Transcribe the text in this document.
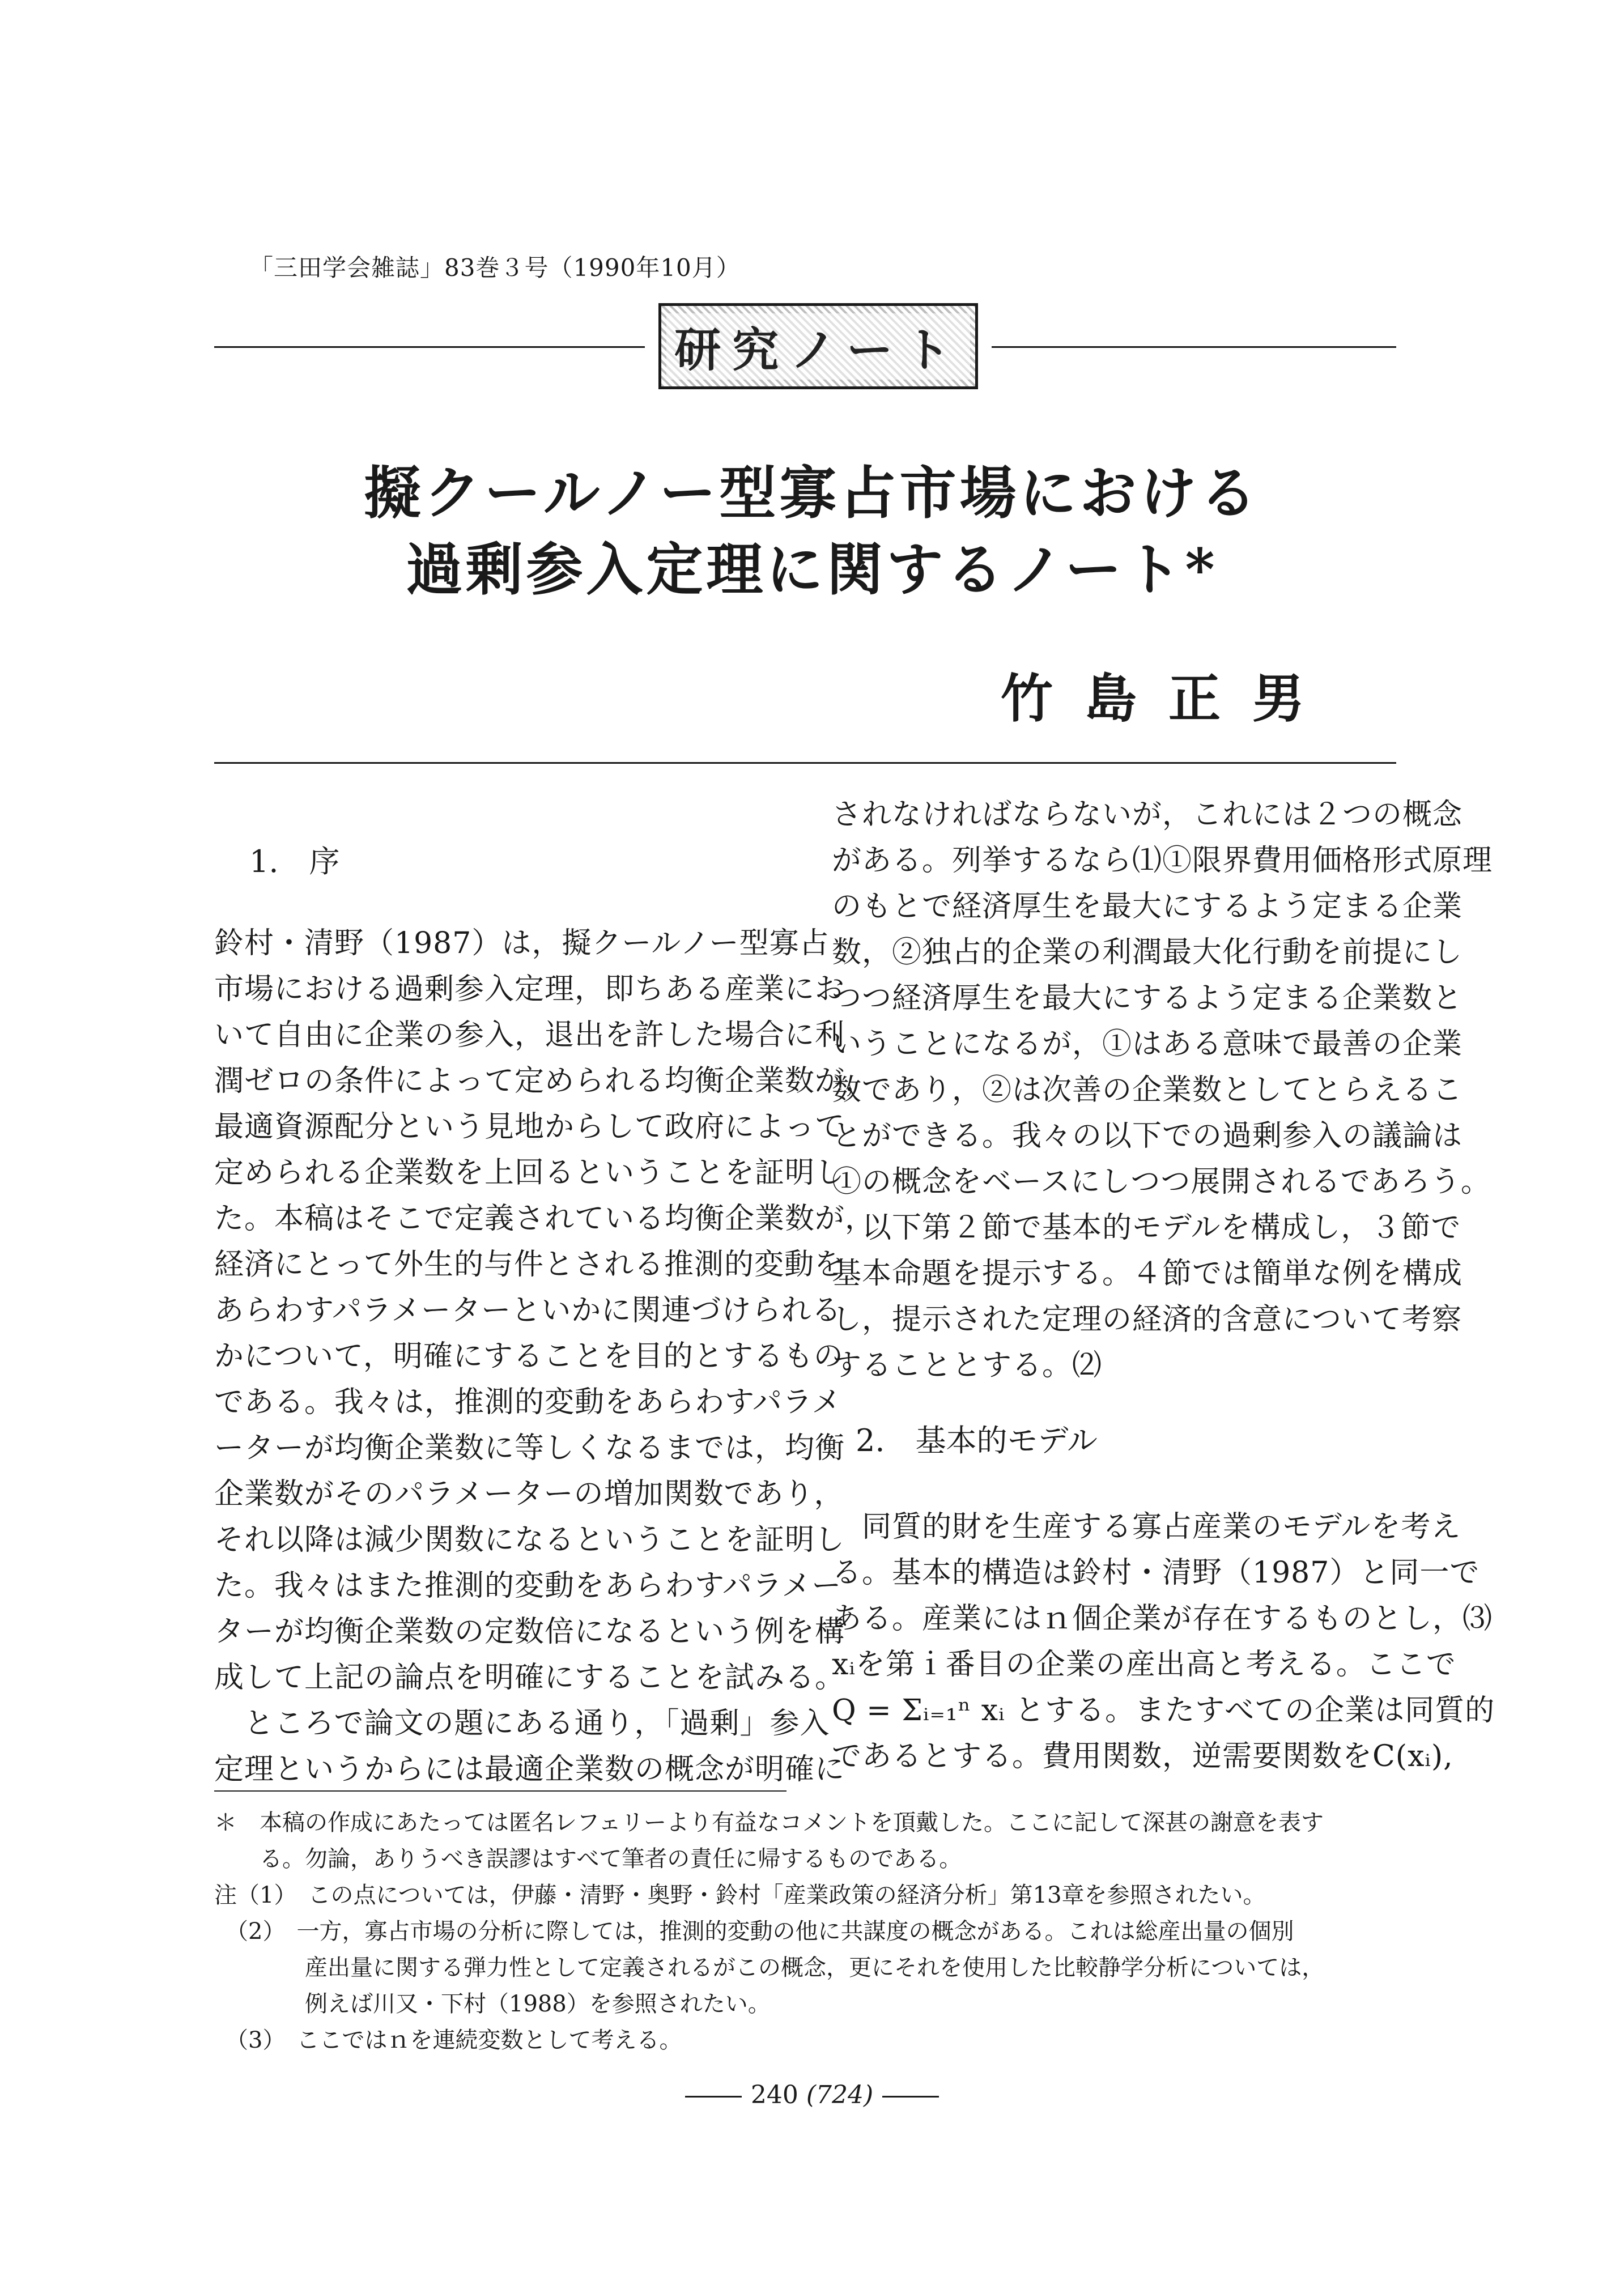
「三田学会雑誌」83巻３号（1990年10月）
研究ノート
擬クールノー型寡占市場における
過剰参入定理に関するノート*
竹島正男
1.　序

鈴村・清野（1987）は，擬クールノー型寡占

市場における過剰参入定理，即ちある産業にお

いて自由に企業の参入，退出を許した場合に利

潤ゼロの条件によって定められる均衡企業数が，

最適資源配分という見地からして政府によって

定められる企業数を上回るということを証明し

た。本稿はそこで定義されている均衡企業数が，

経済にとって外生的与件とされる推測的変動を

あらわすパラメーターといかに関連づけられる

かについて，明確にすることを目的とするもの

である。我々は，推測的変動をあらわすパラメ

ーターが均衡企業数に等しくなるまでは，均衡

企業数がそのパラメーターの増加関数であり，

それ以降は減少関数になるということを証明し

た。我々はまた推測的変動をあらわすパラメー

ターが均衡企業数の定数倍になるという例を構

成して上記の論点を明確にすることを試みる。

　ところで論文の題にある通り，「過剰」参入

定理というからには最適企業数の概念が明確に

されなければならないが，これには２つの概念

がある。列挙するなら⑴①限界費用価格形式原理

のもとで経済厚生を最大にするよう定まる企業

数，②独占的企業の利潤最大化行動を前提にし

つつ経済厚生を最大にするよう定まる企業数と

いうことになるが，①はある意味で最善の企業

数であり，②は次善の企業数としてとらえるこ

とができる。我々の以下での過剰参入の議論は

①の概念をベースにしつつ展開されるであろう。

　以下第２節で基本的モデルを構成し，３節で

基本命題を提示する。４節では簡単な例を構成

し，提示された定理の経済的含意について考察

することとする。⑵

2.　基本的モデル

　同質的財を生産する寡占産業のモデルを考え

る。基本的構造は鈴村・清野（1987）と同一で

ある。産業にはｎ個企業が存在するものとし，⑶

xᵢを第ｉ番目の企業の産出高と考える。ここで

Q = Σᵢ₌₁ⁿ xᵢ とする。またすべての企業は同質的

であるとする。費用関数，逆需要関数をC(xᵢ),

＊　本稿の作成にあたっては匿名レフェリーより有益なコメントを頂戴した。ここに記して深甚の謝意を表す

　　る。勿論，ありうべき誤謬はすべて筆者の責任に帰するものである。

注（1）　この点については，伊藤・清野・奥野・鈴村「産業政策の経済分析」第13章を参照されたい。

　（2）　一方，寡占市場の分析に際しては，推測的変動の他に共謀度の概念がある。これは総産出量の個別

　　　　産出量に関する弾力性として定義されるがこの概念，更にそれを使用した比較静学分析については，

　　　　例えば川又・下村（1988）を参照されたい。

　（3）　ここではｎを連続変数として考える。

240 (724)
